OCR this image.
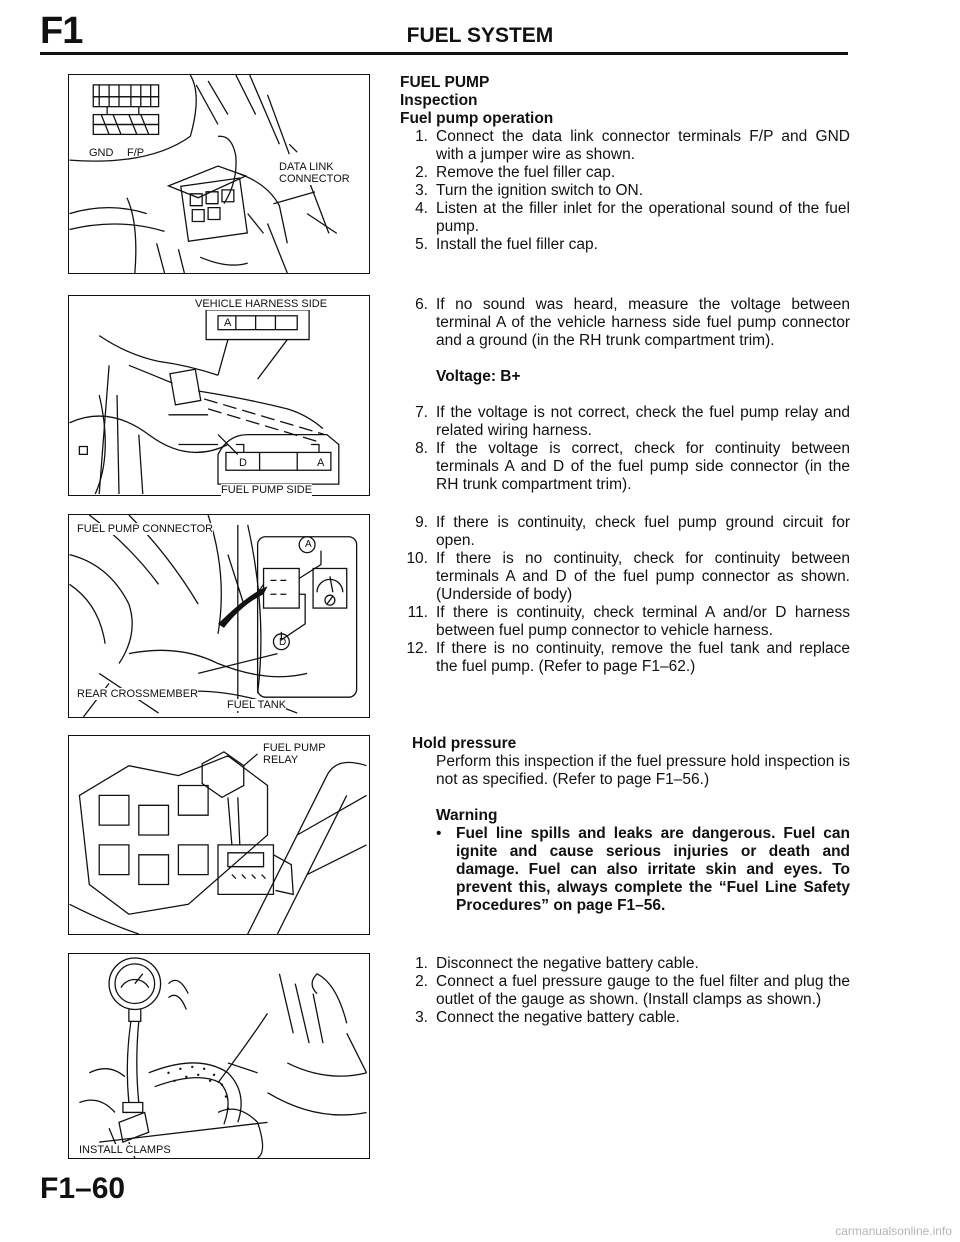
F1	FUEL SYSTEM
GND F/P
DATA LINK
CONNECTOR
VEHICLE HARNESS SIDE
A
D	A
FUEL PUMP SIDE
FUEL PUMP CONNECTOR
A
D
REAR CROSSMEMBER
FUEL TANK
FUEL PUMP
RELAY
INSTALL CLAMPS
FUEL PUMP
Inspection
Fuel pump operation
1. Connect the data link connector terminals F/P and GND with a jumper wire as shown.
2. Remove the fuel filler cap.
3. Turn the ignition switch to ON.
4. Listen at the filler inlet for the operational sound of the fuel pump.
5. Install the fuel filler cap.
6. If no sound was heard, measure the voltage between terminal A of the vehicle harness side fuel pump connector and a ground (in the RH trunk compartment trim).
Voltage: B+
7. If the voltage is not correct, check the fuel pump relay and related wiring harness.
8. If the voltage is correct, check for continuity between terminals A and D of the fuel pump side connector (in the RH trunk compartment trim).
9. If there is continuity, check fuel pump ground circuit for open.
10. If there is no continuity, check for continuity between terminals A and D of the fuel pump connector as shown. (Underside of body)
11. If there is continuity, check terminal A and/or D harness between fuel pump connector to vehicle harness.
12. If there is no continuity, remove the fuel tank and replace the fuel pump. (Refer to page F1–62.)
Hold pressure
Perform this inspection if the fuel pressure hold inspection is not as specified. (Refer to page F1–56.)
Warning
• Fuel line spills and leaks are dangerous. Fuel can ignite and cause serious injuries or death and damage. Fuel can also irritate skin and eyes. To prevent this, always complete the “Fuel Line Safety Procedures” on page F1–56.
1. Disconnect the negative battery cable.
2. Connect a fuel pressure gauge to the fuel filter and plug the outlet of the gauge as shown. (Install clamps as shown.)
3. Connect the negative battery cable.
F1–60
carmanualsonline.info
